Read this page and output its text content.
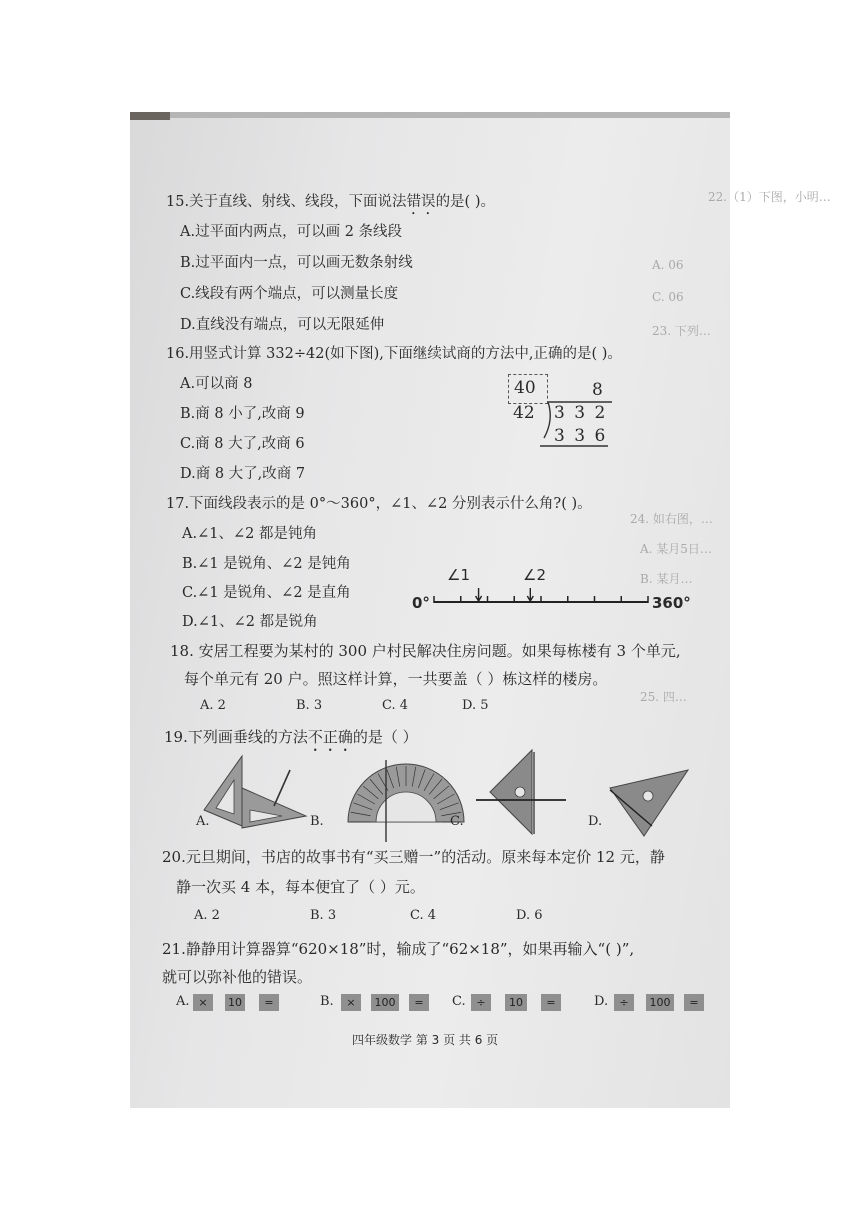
22.（1）下图，小明…
A. 06
C. 06
23. 下列…
24. 如右图，…
A. 某月5日…
B. 某月…
25. 四…
15.关于直线、射线、线段，下面说法错误的是( )。
A.过平面内两点，可以画 2 条线段
B.过平面内一点，可以画无数条射线
C.线段有两个端点，可以测量长度
D.直线没有端点，可以无限延伸
16.用竖式计算 332÷42(如下图),下面继续试商的方法中,正确的是( )。
A.可以商 8
B.商 8 小了,改商 9
C.商 8 大了,改商 6
D.商 8 大了,改商 7
40	8
42 3 3 2
3 3 6
17.下面线段表示的是 0°～360°，∠1、∠2 分别表示什么角?( )。
A.∠1、∠2 都是钝角
B.∠1 是锐角、∠2 是钝角
C.∠1 是锐角、∠2 是直角
D.∠1、∠2 都是锐角
0°	360°
∠1	∠2
18. 安居工程要为某村的 300 户村民解决住房问题。如果每栋楼有 3 个单元,
每个单元有 20 户。照这样计算，一共要盖（ ）栋这样的楼房。
A. 2	B. 3	C. 4	D. 5
19.下列画垂线的方法不正确的是（ ）
A.	B.	C.	D.
20.元旦期间，书店的故事书有“买三赠一”的活动。原来每本定价 12 元，静
静一次买 4 本，每本便宜了（ ）元。
A. 2	B. 3	C. 4	D. 6
21.静静用计算器算“620×18”时，输成了“62×18”，如果再输入“( )”,
就可以弥补他的错误。
A. ×	10	=	B.	×	100	=	C. ÷	10	=	D.	÷	100	=
四年级数学 第 3 页 共 6 页
